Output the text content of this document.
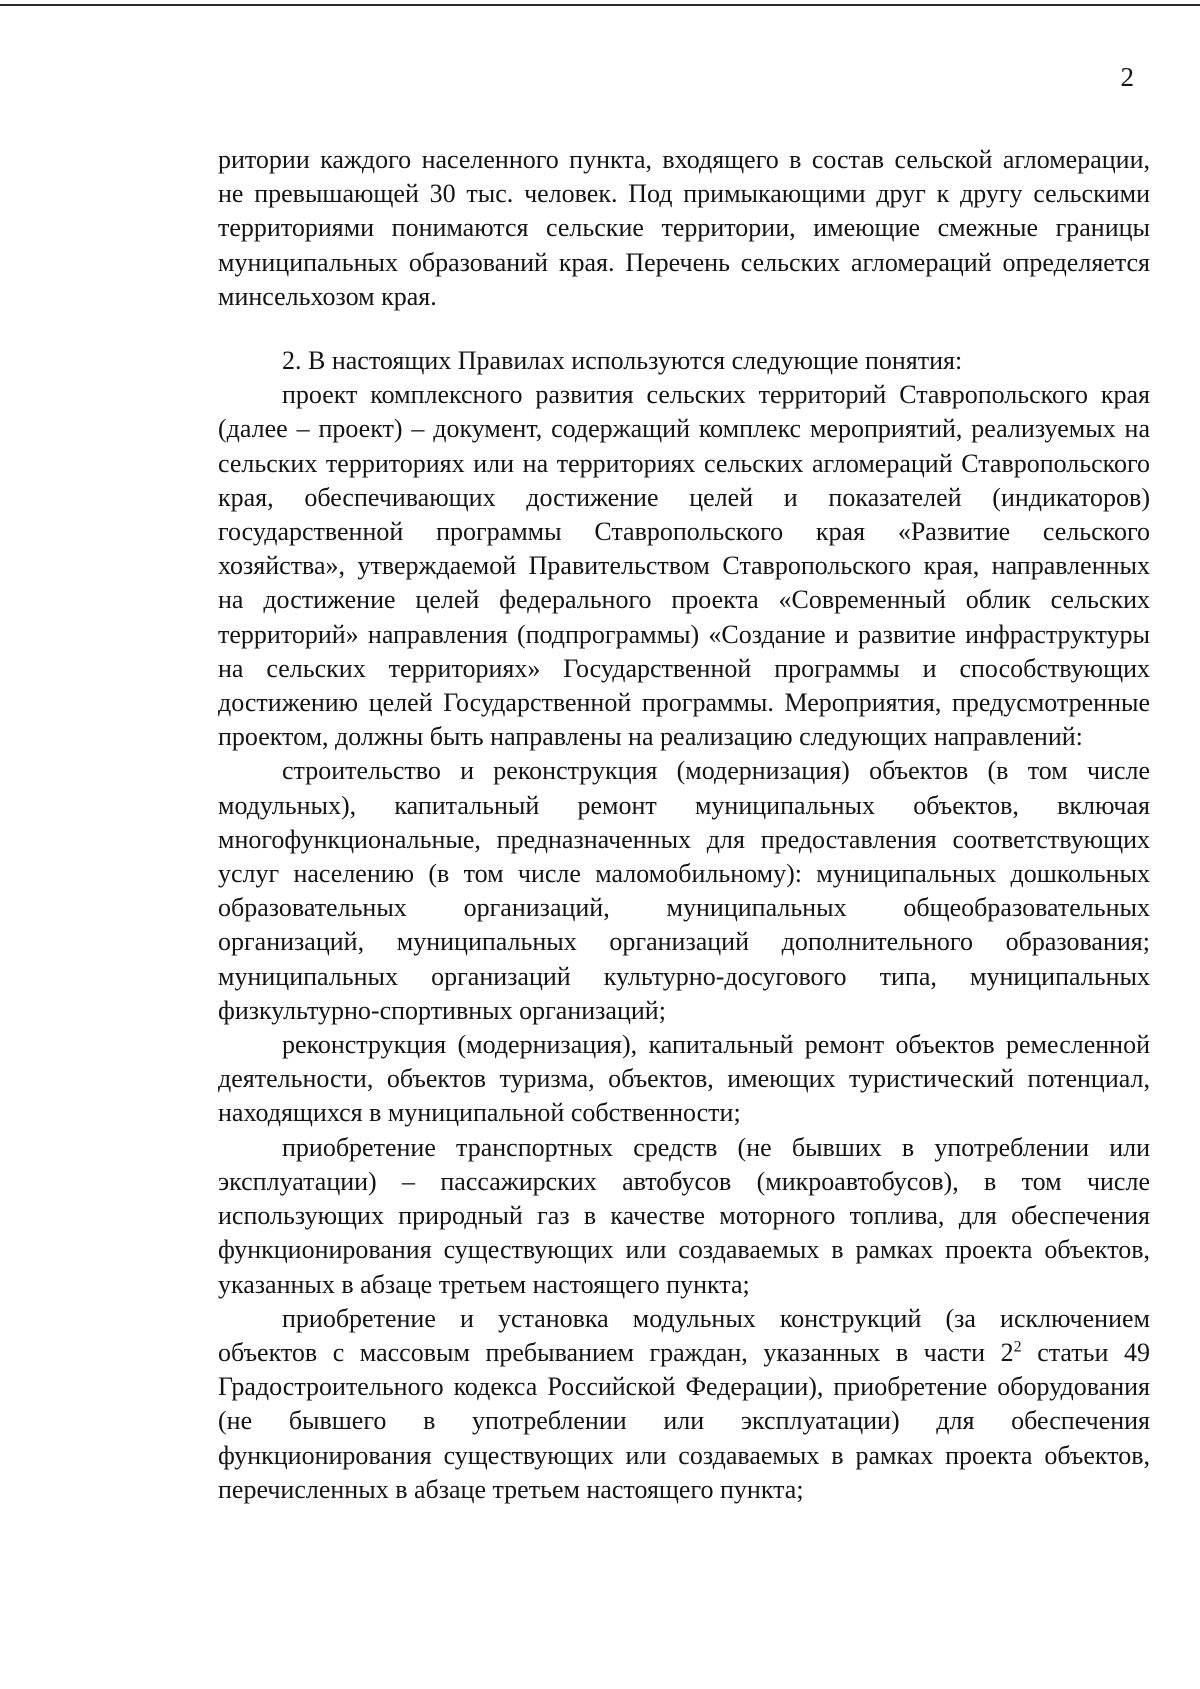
2

ритории каждого населенного пункта, входящего в состав сельской агломерации, не превышающей 30 тыс. человек. Под примыкающими друг к другу сельскими территориями понимаются сельские территории, имеющие смежные границы муниципальных образований края. Перечень сельских агломераций определяется минсельхозом края.

2. В настоящих Правилах используются следующие понятия:

проект комплексного развития сельских территорий Ставропольского края (далее – проект) – документ, содержащий комплекс мероприятий, реализуемых на сельских территориях или на территориях сельских агломераций Ставропольского края, обеспечивающих достижение целей и показателей (индикаторов) государственной программы Ставропольского края «Развитие сельского хозяйства», утверждаемой Правительством Ставропольского края, направленных на достижение целей федерального проекта «Современный облик сельских территорий» направления (подпрограммы) «Создание и развитие инфраструктуры на сельских территориях» Государственной программы и способствующих достижению целей Государственной программы. Мероприятия, предусмотренные проектом, должны быть направлены на реализацию следующих направлений:

строительство и реконструкция (модернизация) объектов (в том числе модульных), капитальный ремонт муниципальных объектов, включая многофункциональные, предназначенных для предоставления соответствующих услуг населению (в том числе маломобильному): муниципальных дошкольных образовательных организаций, муниципальных общеобразовательных организаций, муниципальных организаций дополнительного образования; муниципальных организаций культурно-досугового типа, муниципальных физкультурно-спортивных организаций;

реконструкция (модернизация), капитальный ремонт объектов ремесленной деятельности, объектов туризма, объектов, имеющих туристический потенциал, находящихся в муниципальной собственности;

приобретение транспортных средств (не бывших в употреблении или эксплуатации) – пассажирских автобусов (микроавтобусов), в том числе использующих природный газ в качестве моторного топлива, для обеспечения функционирования существующих или создаваемых в рамках проекта объектов, указанных в абзаце третьем настоящего пункта;

приобретение и установка модульных конструкций (за исключением объектов с массовым пребыванием граждан, указанных в части $2^2$ статьи 49 Градостроительного кодекса Российской Федерации), приобретение оборудования (не бывшего в употреблении или эксплуатации) для обеспечения функционирования существующих или создаваемых в рамках проекта объектов, перечисленных в абзаце третьем настоящего пункта;
